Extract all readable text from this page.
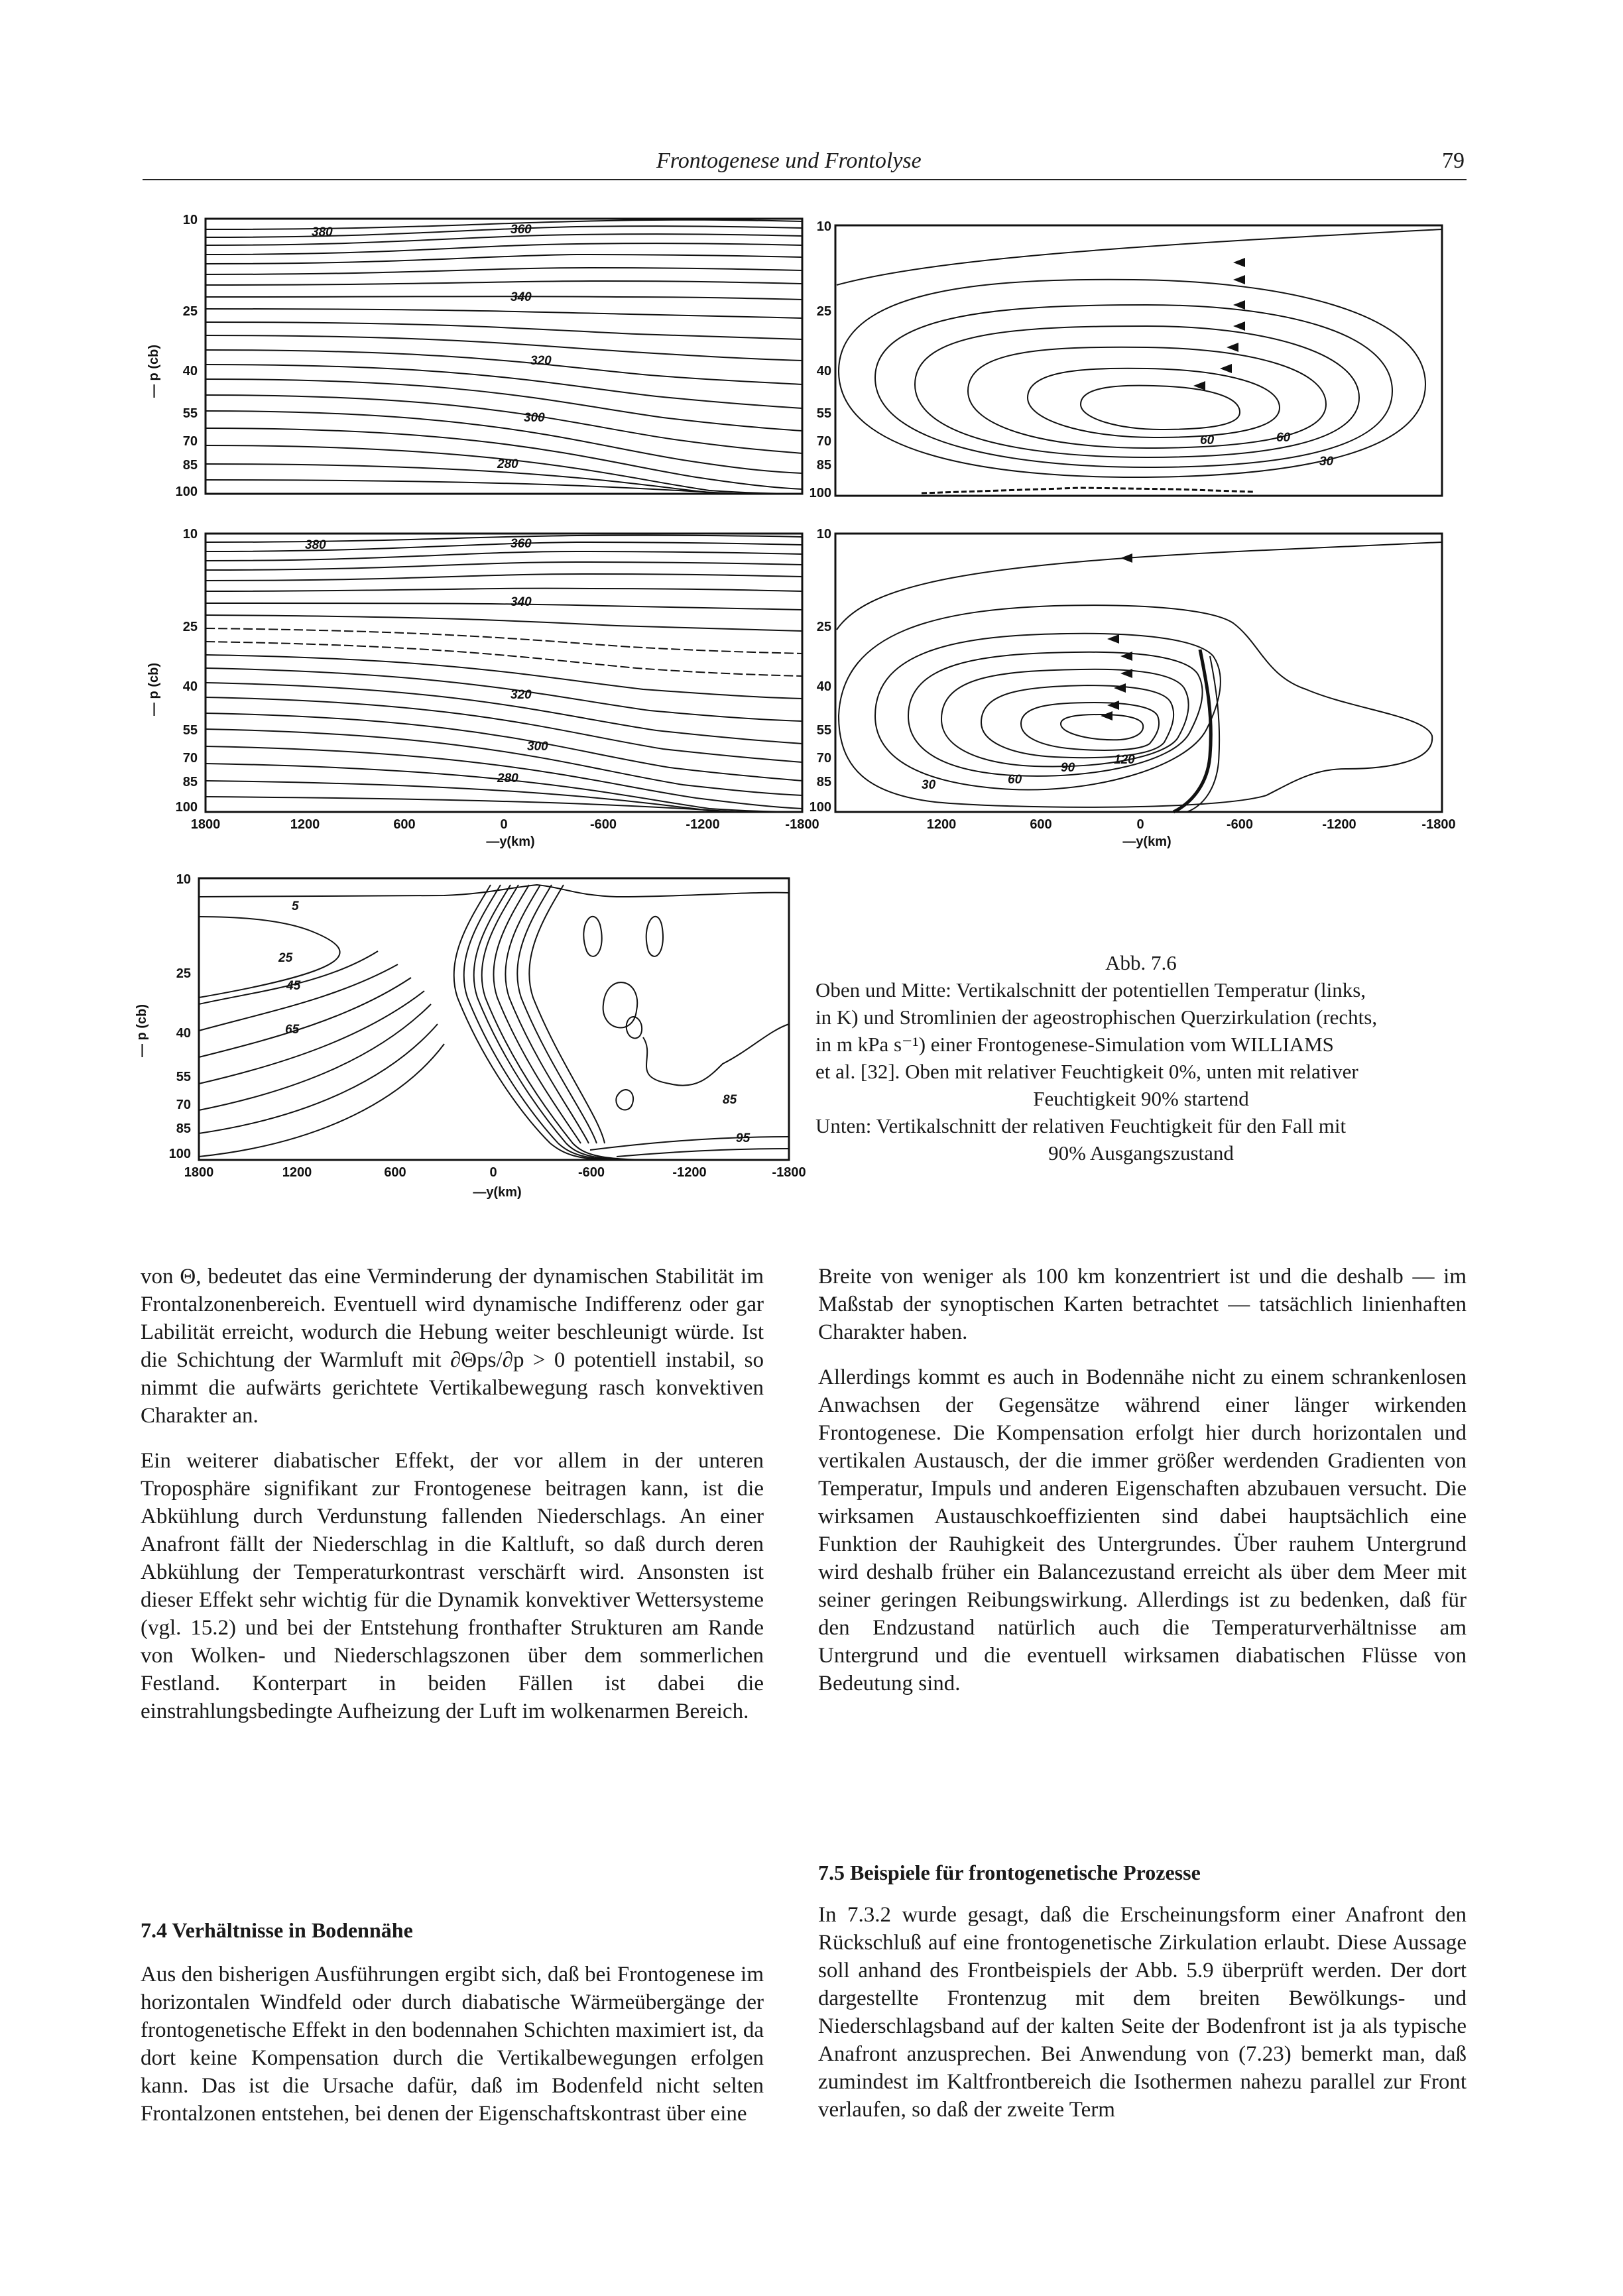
Frontogenese und Frontolyse	79
10
25
40
55
70
85
100
— p (cb)
380	360
340
320
300
280
10
25
40
55
70
85
100
60	60
30
10
25
40
55
70
85
100
— p (cb)
1800	1200	600	0	-600	-1200	-1800
—y(km)
380	360
340
320
300
280
10
25
40
55
70
85
100
1200	600	0	-600	-1200	-1800
—y(km)
30	60
90
120
10
25
40
55
70
85
100
— p (cb)
1800	1200	600	0	-600	-1200	-1800
—y(km)
5
25
45
65
85
95
Abb. 7.6
Oben und Mitte: Vertikalschnitt der potentiellen Temperatur (links,
in K) und Stromlinien der ageostrophischen Querzirkulation (rechts,
in m kPa s⁻¹) einer Frontogenese-Simulation vom WILLIAMS
et al. [32]. Oben mit relativer Feuchtigkeit 0%, unten mit relativer
Feuchtigkeit 90% startend
Unten: Vertikalschnitt der relativen Feuchtigkeit für den Fall mit
90% Ausgangszustand

von Θ, bedeutet das eine Verminderung der dynamischen Stabilität im Frontalzonenbereich. Eventuell wird dynamische Indifferenz oder gar Labilität erreicht, wodurch die Hebung weiter beschleunigt würde. Ist die Schichtung der Warmluft mit ∂Θps/∂p > 0 potentiell instabil, so nimmt die aufwärts gerichtete Vertikalbewegung rasch konvektiven Charakter an.

Ein weiterer diabatischer Effekt, der vor allem in der unteren Troposphäre signifikant zur Frontogenese beitragen kann, ist die Abkühlung durch Verdunstung fallenden Niederschlags. An einer Anafront fällt der Niederschlag in die Kaltluft, so daß durch deren Abkühlung der Temperaturkontrast verschärft wird. Ansonsten ist dieser Effekt sehr wichtig für die Dynamik konvektiver Wettersysteme (vgl. 15.2) und bei der Entstehung fronthafter Strukturen am Rande von Wolken- und Niederschlagszonen über dem sommerlichen Festland. Konterpart in beiden Fällen ist dabei die einstrahlungsbedingte Aufheizung der Luft im wolkenarmen Bereich.

7.4 Verhältnisse in Bodennähe

Aus den bisherigen Ausführungen ergibt sich, daß bei Frontogenese im horizontalen Windfeld oder durch diabatische Wärmeübergänge der frontogenetische Effekt in den bodennahen Schichten maximiert ist, da dort keine Kompensation durch die Vertikalbewegungen erfolgen kann. Das ist die Ursache dafür, daß im Bodenfeld nicht selten Frontalzonen entstehen, bei denen der Eigenschaftskontrast über eine

Breite von weniger als 100 km konzentriert ist und die deshalb — im Maßstab der synoptischen Karten betrachtet — tatsächlich linienhaften Charakter haben.

Allerdings kommt es auch in Bodennähe nicht zu einem schrankenlosen Anwachsen der Gegensätze während einer länger wirkenden Frontogenese. Die Kompensation erfolgt hier durch horizontalen und vertikalen Austausch, der die immer größer werdenden Gradienten von Temperatur, Impuls und anderen Eigenschaften abzubauen versucht. Die wirksamen Austauschkoeffizienten sind dabei hauptsächlich eine Funktion der Rauhigkeit des Untergrundes. Über rauhem Untergrund wird deshalb früher ein Balancezustand erreicht als über dem Meer mit seiner geringen Reibungswirkung. Allerdings ist zu bedenken, daß für den Endzustand natürlich auch die Temperaturverhältnisse am Untergrund und die eventuell wirksamen diabatischen Flüsse von Bedeutung sind.

7.5 Beispiele für frontogenetische Prozesse

In 7.3.2 wurde gesagt, daß die Erscheinungsform einer Anafront den Rückschluß auf eine frontogenetische Zirkulation erlaubt. Diese Aussage soll anhand des Frontbeispiels der Abb. 5.9 überprüft werden. Der dort dargestellte Frontenzug mit dem breiten Bewölkungs- und Niederschlagsband auf der kalten Seite der Bodenfront ist ja als typische Anafront anzusprechen. Bei Anwendung von (7.23) bemerkt man, daß zumindest im Kaltfrontbereich die Isothermen nahezu parallel zur Front verlaufen, so daß der zweite Term
